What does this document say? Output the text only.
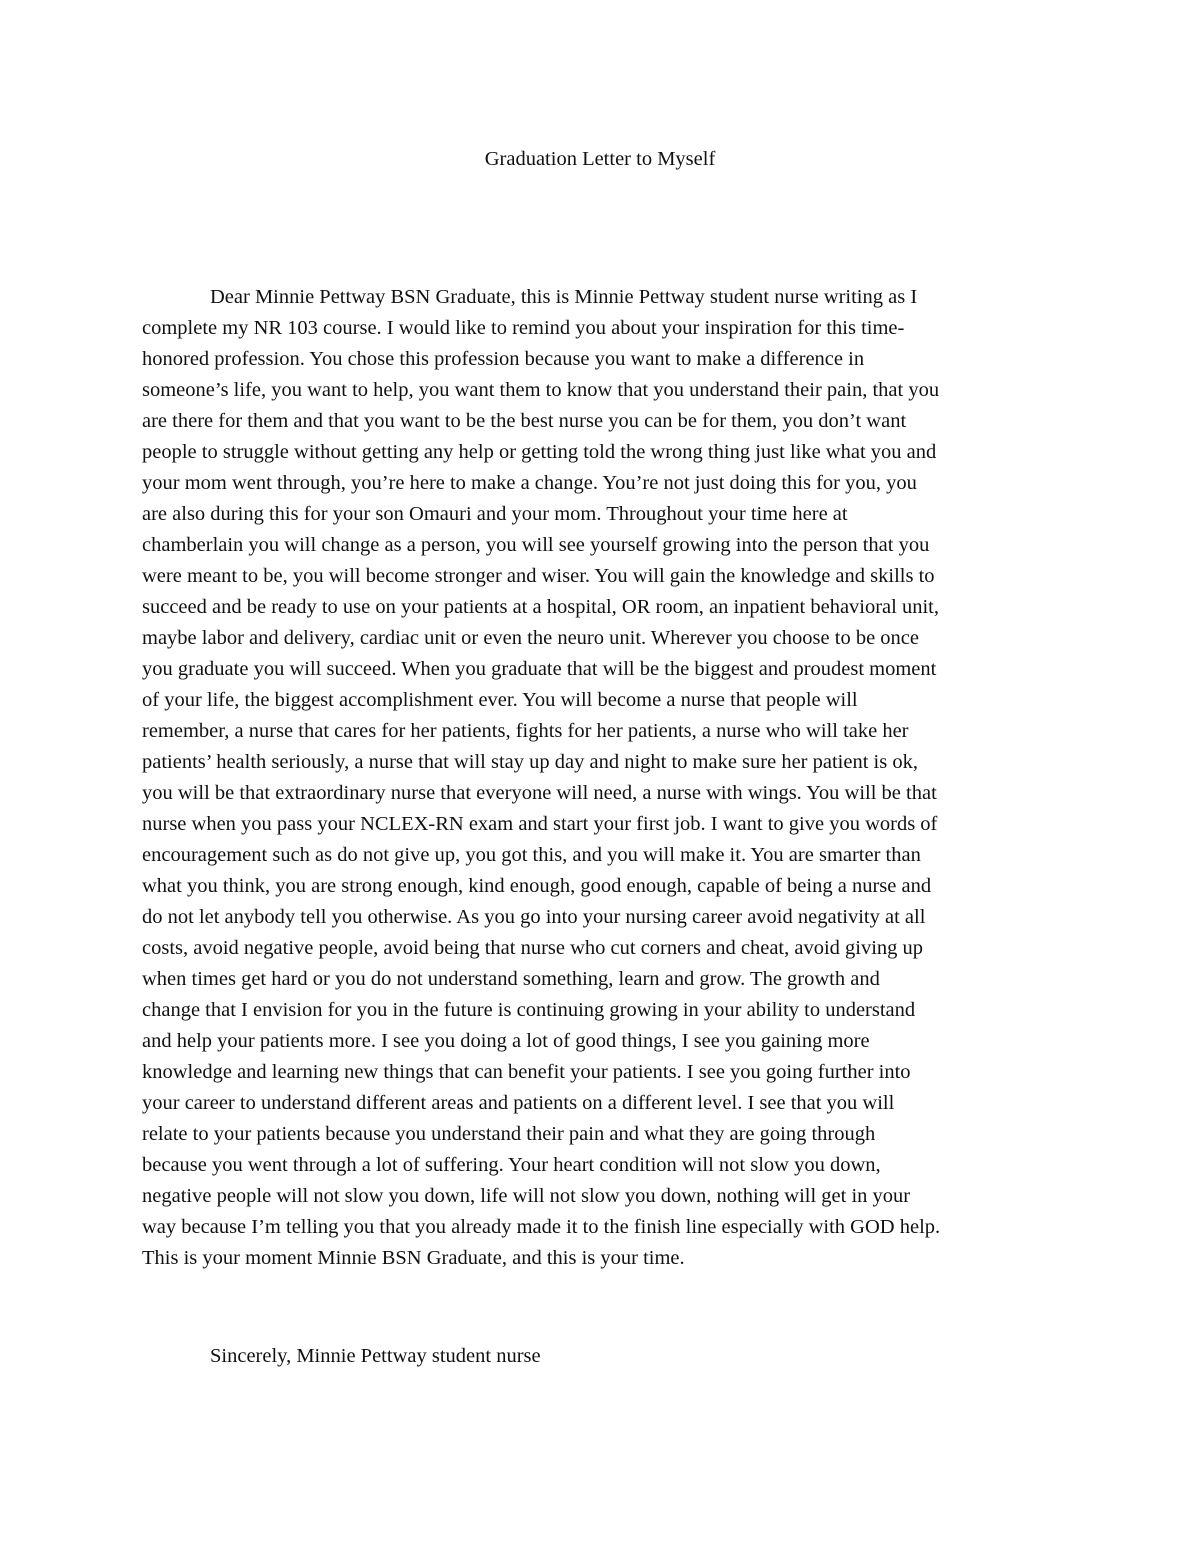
Graduation Letter to Myself
Dear Minnie Pettway BSN Graduate, this is Minnie Pettway student nurse writing as I
complete my NR 103 course. I would like to remind you about your inspiration for this time-
honored profession. You chose this profession because you want to make a difference in
someone’s life, you want to help, you want them to know that you understand their pain, that you
are there for them and that you want to be the best nurse you can be for them, you don’t want
people to struggle without getting any help or getting told the wrong thing just like what you and
your mom went through, you’re here to make a change. You’re not just doing this for you, you
are also during this for your son Omauri and your mom. Throughout your time here at
chamberlain you will change as a person, you will see yourself growing into the person that you
were meant to be, you will become stronger and wiser. You will gain the knowledge and skills to
succeed and be ready to use on your patients at a hospital, OR room, an inpatient behavioral unit,
maybe labor and delivery, cardiac unit or even the neuro unit. Wherever you choose to be once
you graduate you will succeed. When you graduate that will be the biggest and proudest moment
of your life, the biggest accomplishment ever. You will become a nurse that people will
remember, a nurse that cares for her patients, fights for her patients, a nurse who will take her
patients’ health seriously, a nurse that will stay up day and night to make sure her patient is ok,
you will be that extraordinary nurse that everyone will need, a nurse with wings. You will be that
nurse when you pass your NCLEX-RN exam and start your first job. I want to give you words of
encouragement such as do not give up, you got this, and you will make it. You are smarter than
what you think, you are strong enough, kind enough, good enough, capable of being a nurse and
do not let anybody tell you otherwise. As you go into your nursing career avoid negativity at all
costs, avoid negative people, avoid being that nurse who cut corners and cheat, avoid giving up
when times get hard or you do not understand something, learn and grow. The growth and
change that I envision for you in the future is continuing growing in your ability to understand
and help your patients more. I see you doing a lot of good things, I see you gaining more
knowledge and learning new things that can benefit your patients. I see you going further into
your career to understand different areas and patients on a different level. I see that you will
relate to your patients because you understand their pain and what they are going through
because you went through a lot of suffering. Your heart condition will not slow you down,
negative people will not slow you down, life will not slow you down, nothing will get in your
way because I’m telling you that you already made it to the finish line especially with GOD help.
This is your moment Minnie BSN Graduate, and this is your time.

Sincerely, Minnie Pettway student nurse
